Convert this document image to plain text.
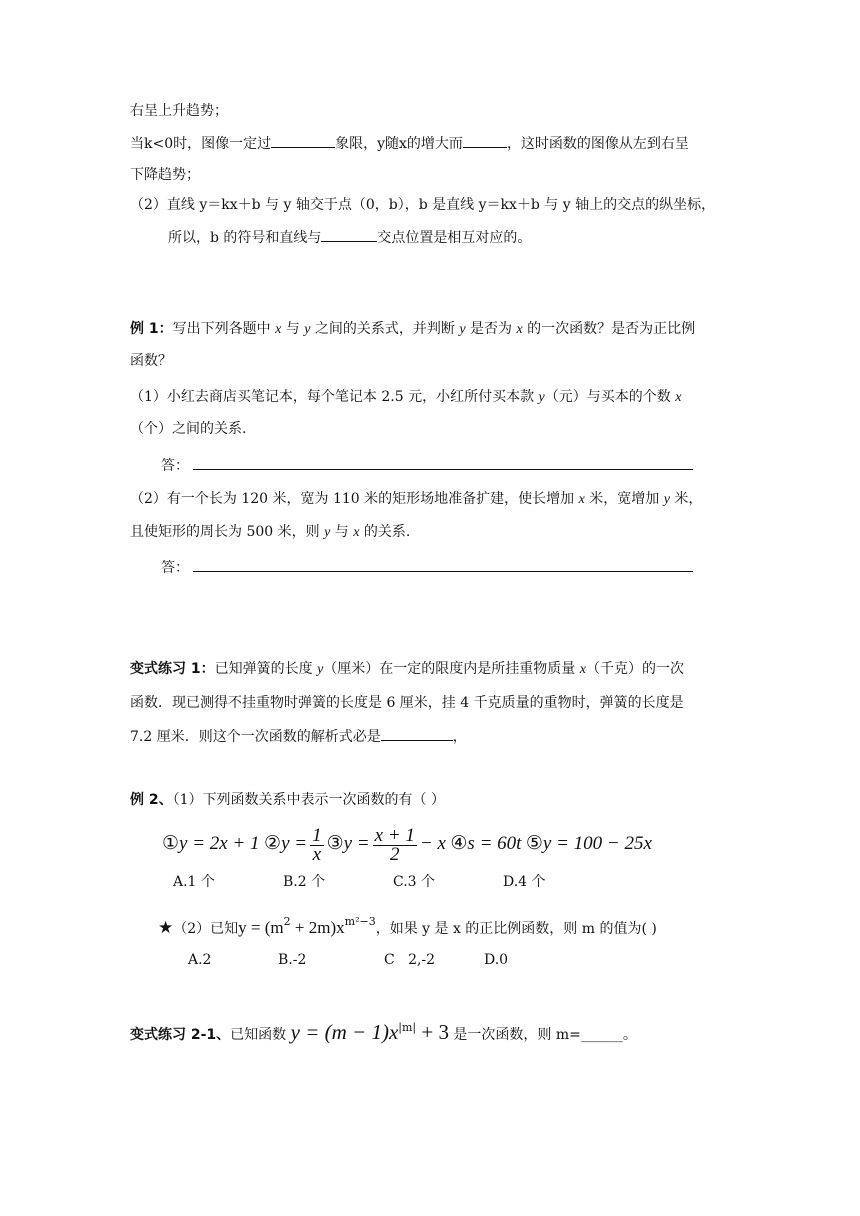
右呈上升趋势；
当k<0时，图像一定过	象限，y随x的增大而	，这时函数的图像从左到右呈
下降趋势；
（2）直线 y＝kx＋b 与 y 轴交于点（0，b），b 是直线 y＝kx＋b 与 y 轴上的交点的纵坐标，
所以，b 的符号和直线与	交点位置是相互对应的。
例 1：写出下列各题中 x 与 y 之间的关系式，并判断 y 是否为 x 的一次函数？是否为正比例
函数？
（1）小红去商店买笔记本，每个笔记本 2.5 元，小红所付买本款 y（元）与买本的个数 x
（个）之间的关系.
答：
（2）有一个长为 120 米，宽为 110 米的矩形场地准备扩建，使长增加 x 米，宽增加 y 米，
且使矩形的周长为 500 米，则 y 与 x 的关系.
答：
变式练习 1：已知弹簧的长度 y（厘米）在一定的限度内是所挂重物质量 x（千克）的一次
函数．现已测得不挂重物时弹簧的长度是 6 厘米，挂 4 千克质量的重物时，弹簧的长度是
7.2 厘米．则这个一次函数的解析式必是	，
例 2、（1）下列函数关系中表示一次函数的有（ ）
①y = 2x + 1 ②y = $\frac{1}{x}$ ③y = $\frac{x + 1}{2} - x$ ④s = 60t ⑤y = 100 − 25x
A.1 个	B.2 个	C.3 个	D.4 个
★（2）已知$y = (m^2 + 2m)x^{m^2-3}$，如果 y 是 x 的正比例函数，则 m 的值为( )
A.2	B.-2	C   2,-2	D.0
变式练习 2-1、已知函数 $y = (m - 1)x^{|m|} + 3$ 是一次函数，则 m=______。
